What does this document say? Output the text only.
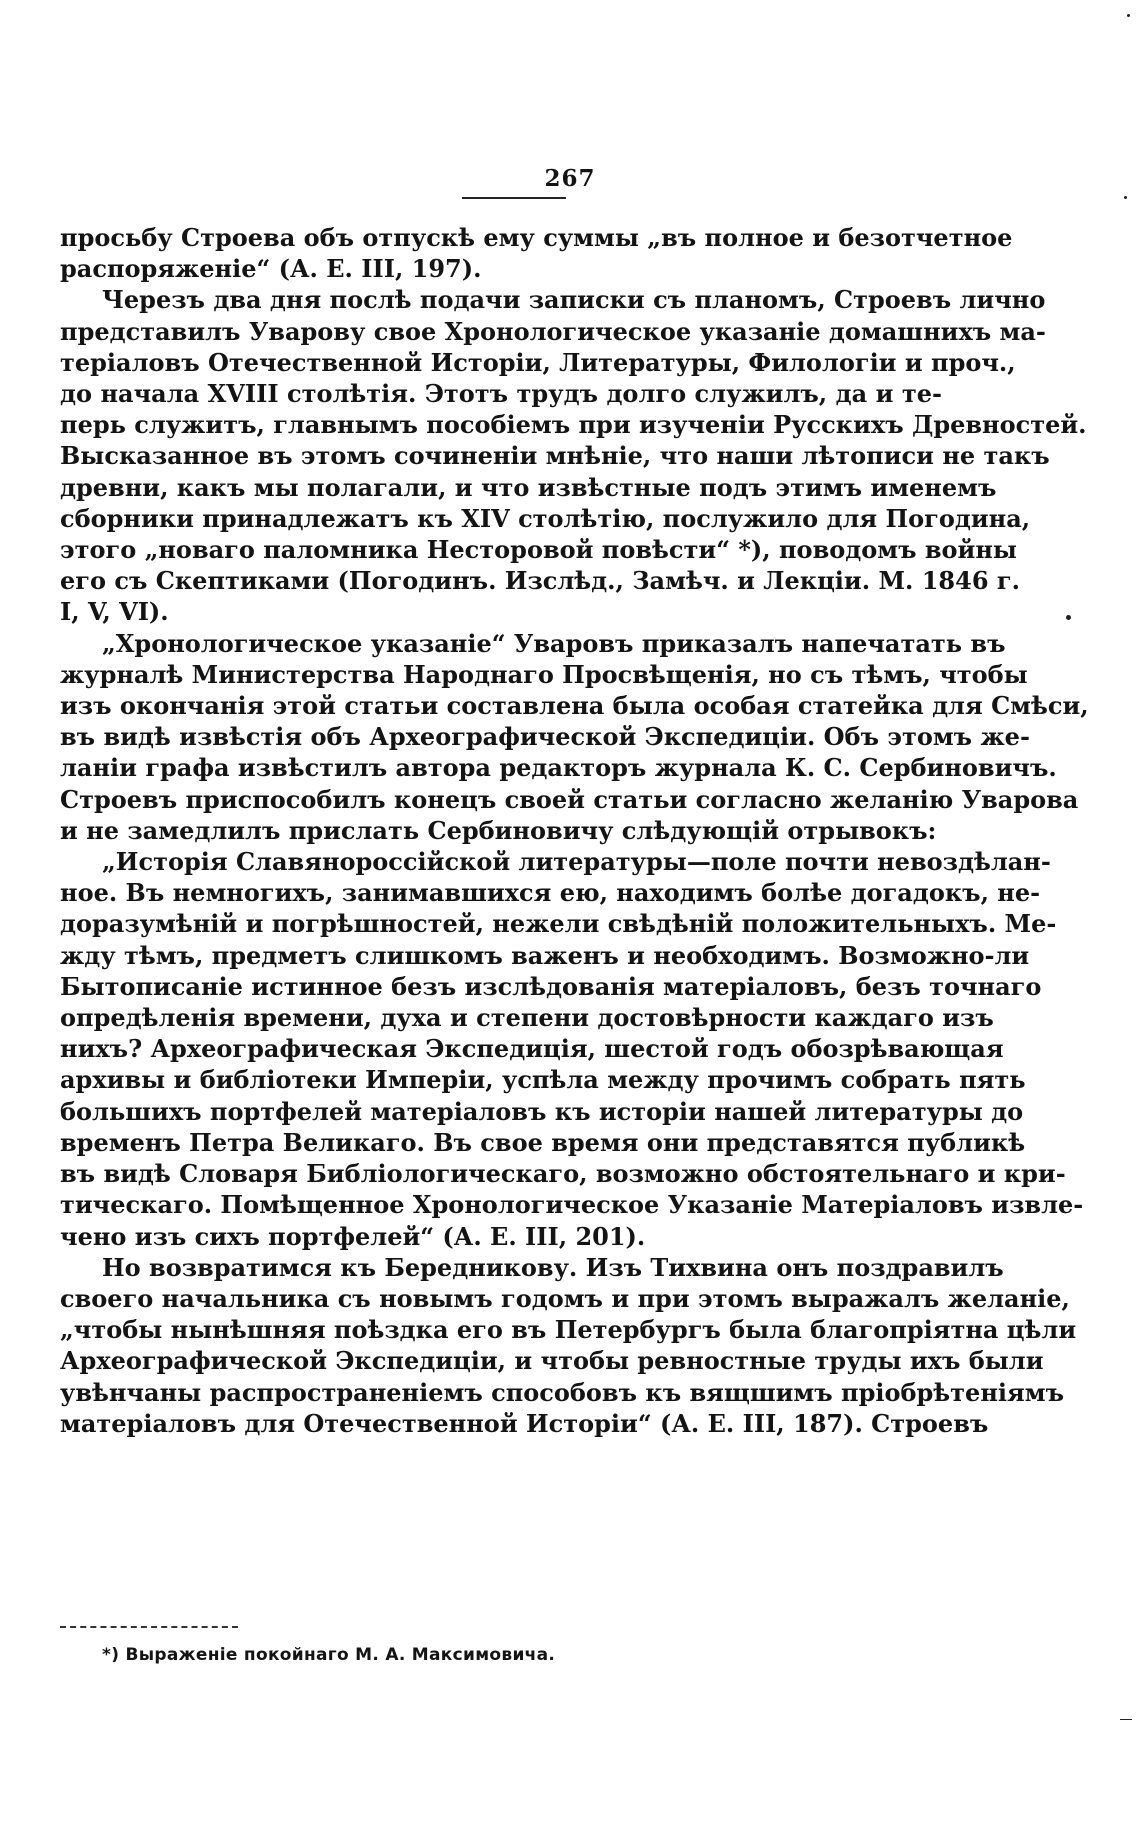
267
просьбу Строева объ отпускѣ ему суммы „въ полное и безотчетное
распоряженіе“ (А. Е. III, 197).
Черезъ два дня послѣ подачи записки съ планомъ, Строевъ лично
представилъ Уварову свое Хронологическое указаніе домашнихъ ма-
теріаловъ Отечественной Исторіи, Литературы, Филологіи и проч.,
до начала XVIII столѣтія. Этотъ трудъ долго служилъ, да и те-
перь служитъ, главнымъ пособіемъ при изученіи Русскихъ Древностей.
Высказанное въ этомъ сочиненіи мнѣніе, что наши лѣтописи не такъ
древни, какъ мы полагали, и что извѣстные подъ этимъ именемъ
сборники принадлежатъ къ XIV столѣтію, послужило для Погодина,
этого „новаго паломника Несторовой повѣсти“ *), поводомъ войны
его съ Скептиками (Погодинъ. Изслѣд., Замѣч. и Лекціи. М. 1846 г.
I, V, VI).
„Хронологическое указаніе“ Уваровъ приказалъ напечатать въ
журналѣ Министерства Народнаго Просвѣщенія, но съ тѣмъ, чтобы
изъ окончанія этой статьи составлена была особая статейка для Смѣси,
въ видѣ извѣстія объ Археографической Экспедиціи. Объ этомъ же-
ланіи графа извѣстилъ автора редакторъ журнала К. С. Сербиновичъ.
Строевъ приспособилъ конецъ своей статьи согласно желанію Уварова
и не замедлилъ прислать Сербиновичу слѣдующій отрывокъ:
„Исторія Славянороссійской литературы—поле почти невоздѣлан-
ное. Въ немногихъ, занимавшихся ею, находимъ болѣе догадокъ, не-
доразумѣній и погрѣшностей, нежели свѣдѣній положительныхъ. Ме-
жду тѣмъ, предметъ слишкомъ важенъ и необходимъ. Возможно-ли
Бытописаніе истинное безъ изслѣдованія матеріаловъ, безъ точнаго
опредѣленія времени, духа и степени достовѣрности каждаго изъ
нихъ? Археографическая Экспедиція, шестой годъ обозрѣвающая
архивы и библіотеки Имперіи, успѣла между прочимъ собрать пять
большихъ портфелей матеріаловъ къ исторіи нашей литературы до
временъ Петра Великаго. Въ свое время они представятся публикѣ
въ видѣ Словаря Библіологическаго, возможно обстоятельнаго и кри-
тическаго. Помѣщенное Хронологическое Указаніе Матеріаловъ извле-
чено изъ сихъ портфелей“ (А. Е. III, 201).
Но возвратимся къ Бередникову. Изъ Тихвина онъ поздравилъ
своего начальника съ новымъ годомъ и при этомъ выражалъ желаніе,
„чтобы нынѣшняя поѣздка его въ Петербургъ была благопріятна цѣли
Археографической Экспедиціи, и чтобы ревностные труды ихъ были
увѣнчаны распространеніемъ способовъ къ вящшимъ пріобрѣтеніямъ
матеріаловъ для Отечественной Исторіи“ (А. Е. III, 187). Строевъ
*) Выраженіе покойнаго М. А. Максимовича.
